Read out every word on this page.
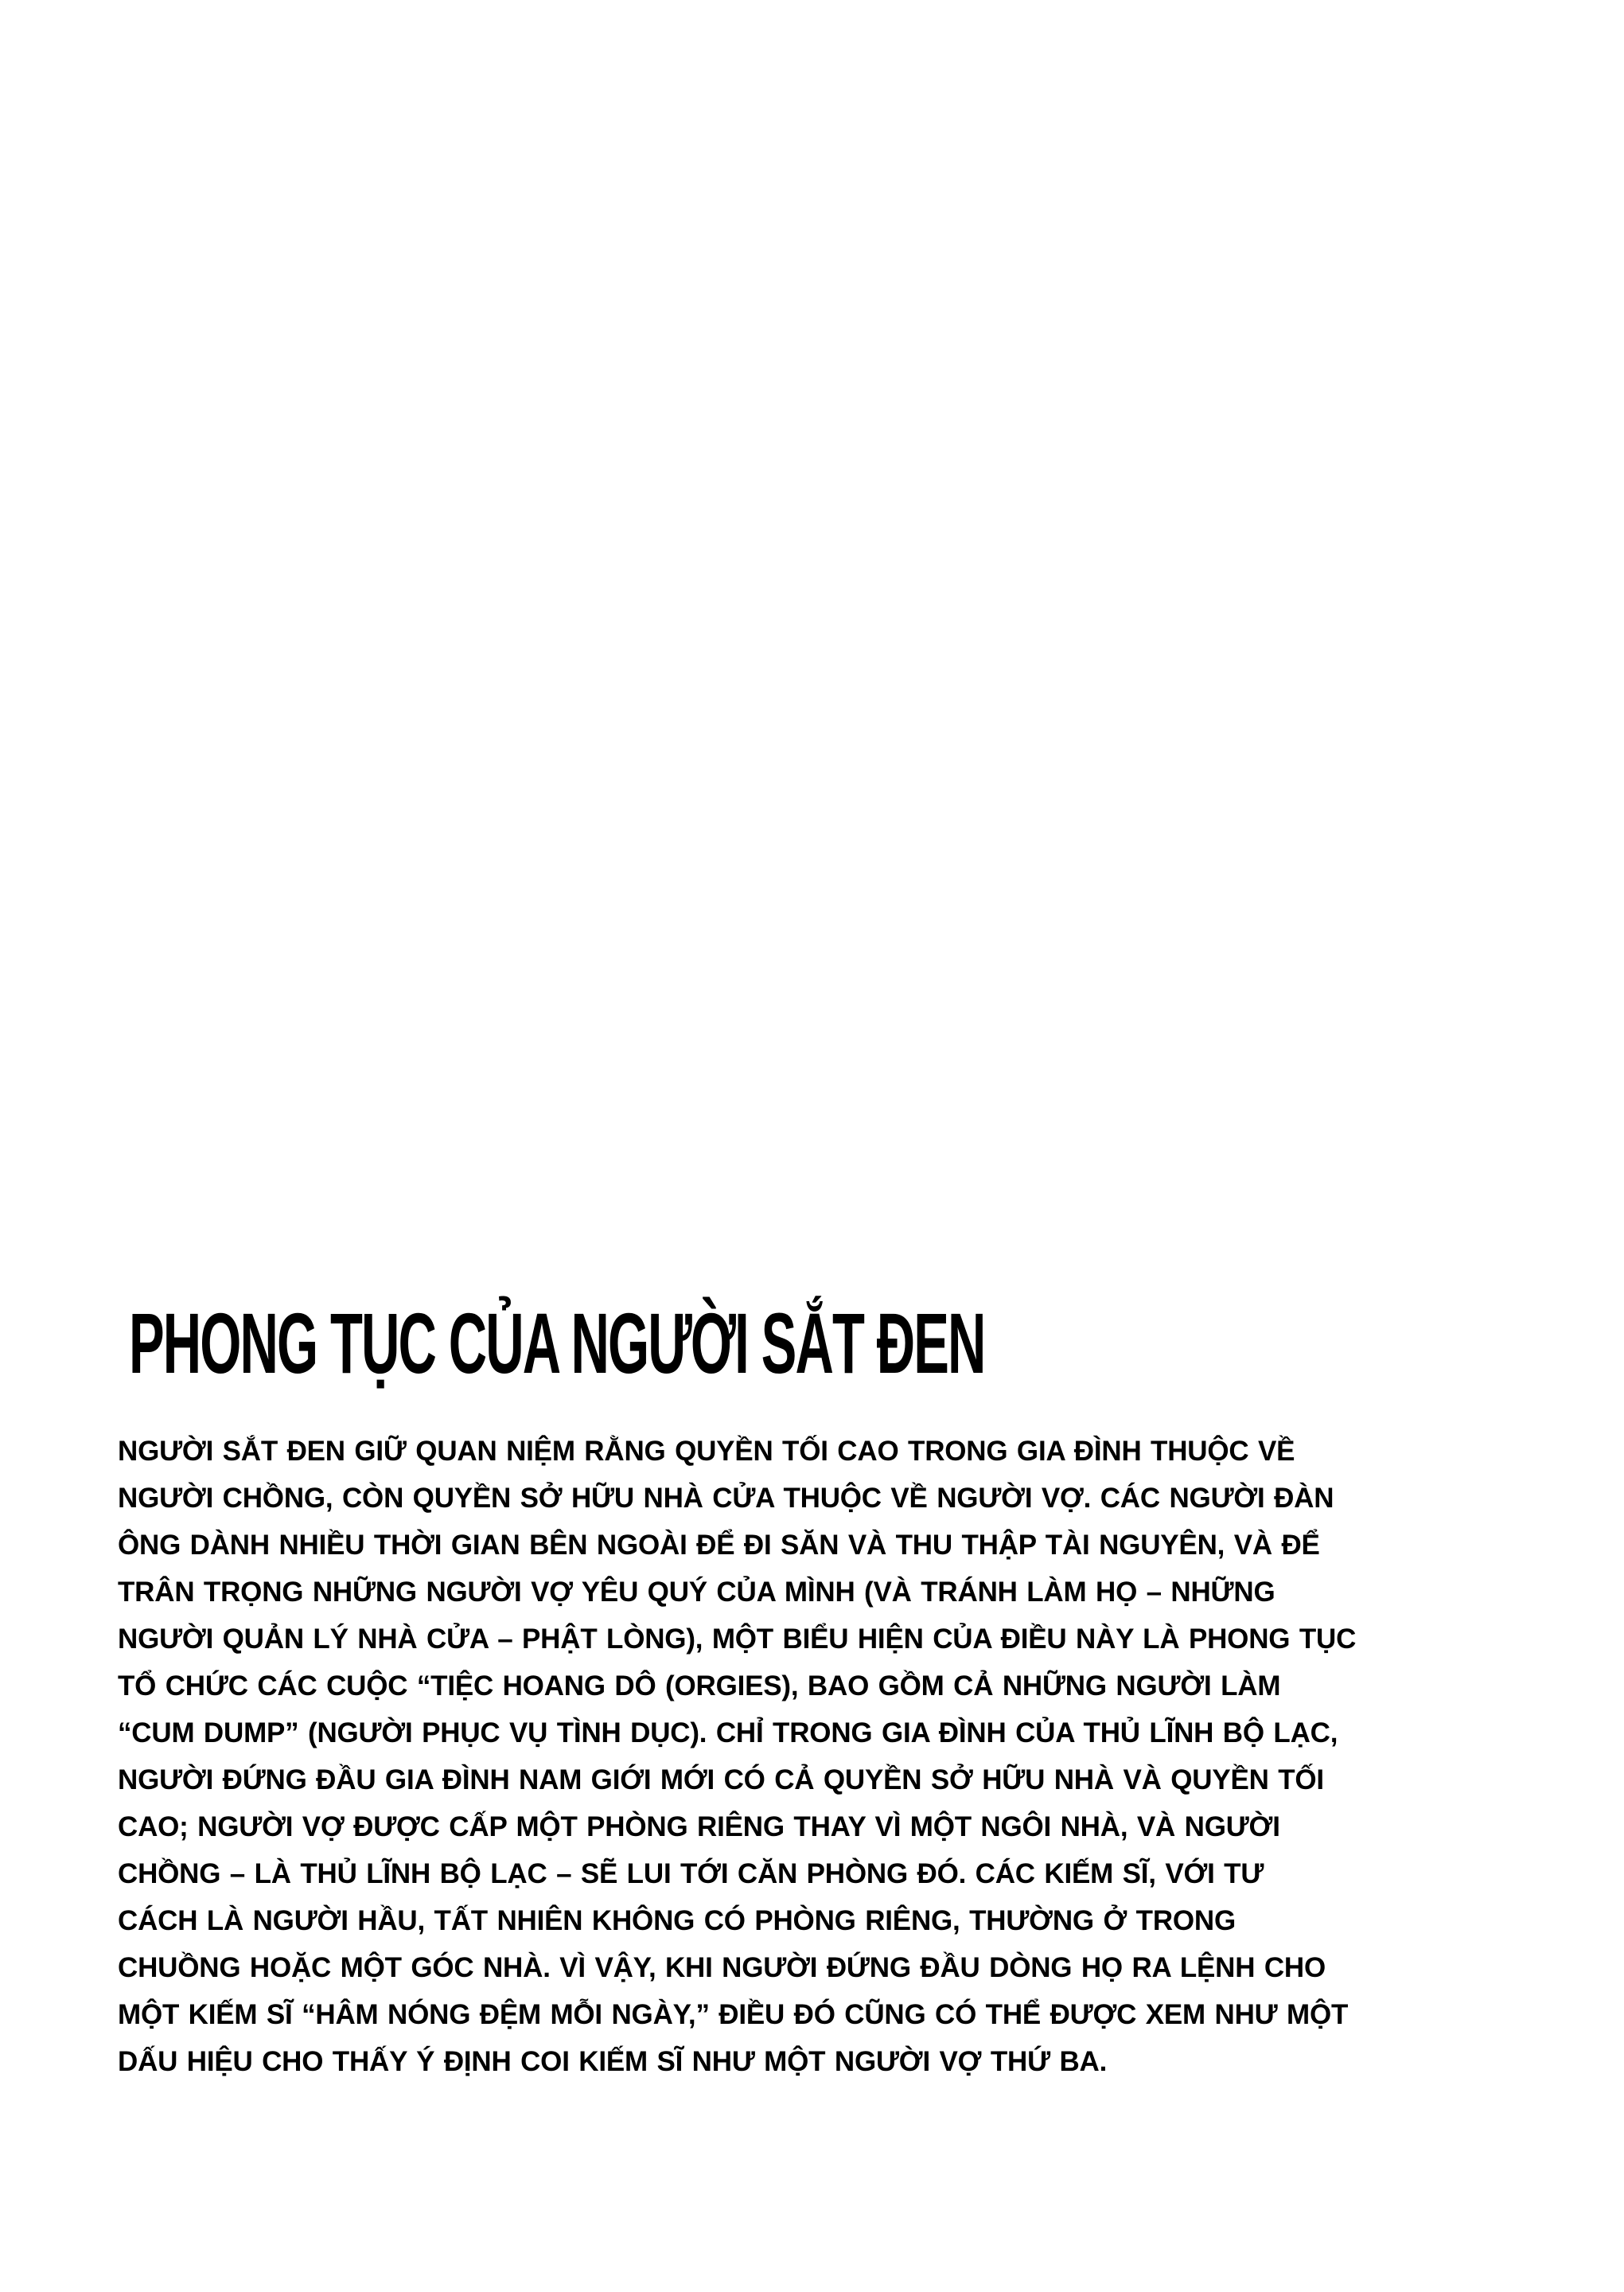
PHONG TỤC CỦA NGƯỜI SẮT ĐEN
NGƯỜI SẮT ĐEN GIỮ QUAN NIỆM RẰNG QUYỀN TỐI CAO TRONG GIA ĐÌNH THUỘC VỀ
NGƯỜI CHỒNG, CÒN QUYỀN SỞ HỮU NHÀ CỬA THUỘC VỀ NGƯỜI VỢ. CÁC NGƯỜI ĐÀN
ÔNG DÀNH NHIỀU THỜI GIAN BÊN NGOÀI ĐỂ ĐI SĂN VÀ THU THẬP TÀI NGUYÊN, VÀ ĐỂ
TRÂN TRỌNG NHỮNG NGƯỜI VỢ YÊU QUÝ CỦA MÌNH (VÀ TRÁNH LÀM HỌ – NHỮNG
NGƯỜI QUẢN LÝ NHÀ CỬA – PHẬT LÒNG), MỘT BIỂU HIỆN CỦA ĐIỀU NÀY LÀ PHONG TỤC
TỔ CHỨC CÁC CUỘC “TIỆC HOANG DÔ (ORGIES), BAO GỒM CẢ NHỮNG NGƯỜI LÀM
“CUM DUMP” (NGƯỜI PHỤC VỤ TÌNH DỤC). CHỈ TRONG GIA ĐÌNH CỦA THỦ LĨNH BỘ LẠC,
NGƯỜI ĐỨNG ĐẦU GIA ĐÌNH NAM GIỚI MỚI CÓ CẢ QUYỀN SỞ HỮU NHÀ VÀ QUYỀN TỐI
CAO; NGƯỜI VỢ ĐƯỢC CẤP MỘT PHÒNG RIÊNG THAY VÌ MỘT NGÔI NHÀ, VÀ NGƯỜI
CHỒNG – LÀ THỦ LĨNH BỘ LẠC – SẼ LUI TỚI CĂN PHÒNG ĐÓ. CÁC KIẾM SĨ, VỚI TƯ
CÁCH LÀ NGƯỜI HẦU, TẤT NHIÊN KHÔNG CÓ PHÒNG RIÊNG, THƯỜNG Ở TRONG
CHUỒNG HOẶC MỘT GÓC NHÀ. VÌ VẬY, KHI NGƯỜI ĐỨNG ĐẦU DÒNG HỌ RA LỆNH CHO
MỘT KIẾM SĨ “HÂM NÓNG ĐỆM MỖI NGÀY,” ĐIỀU ĐÓ CŨNG CÓ THỂ ĐƯỢC XEM NHƯ MỘT
DẤU HIỆU CHO THẤY Ý ĐỊNH COI KIẾM SĨ NHƯ MỘT NGƯỜI VỢ THỨ BA.
